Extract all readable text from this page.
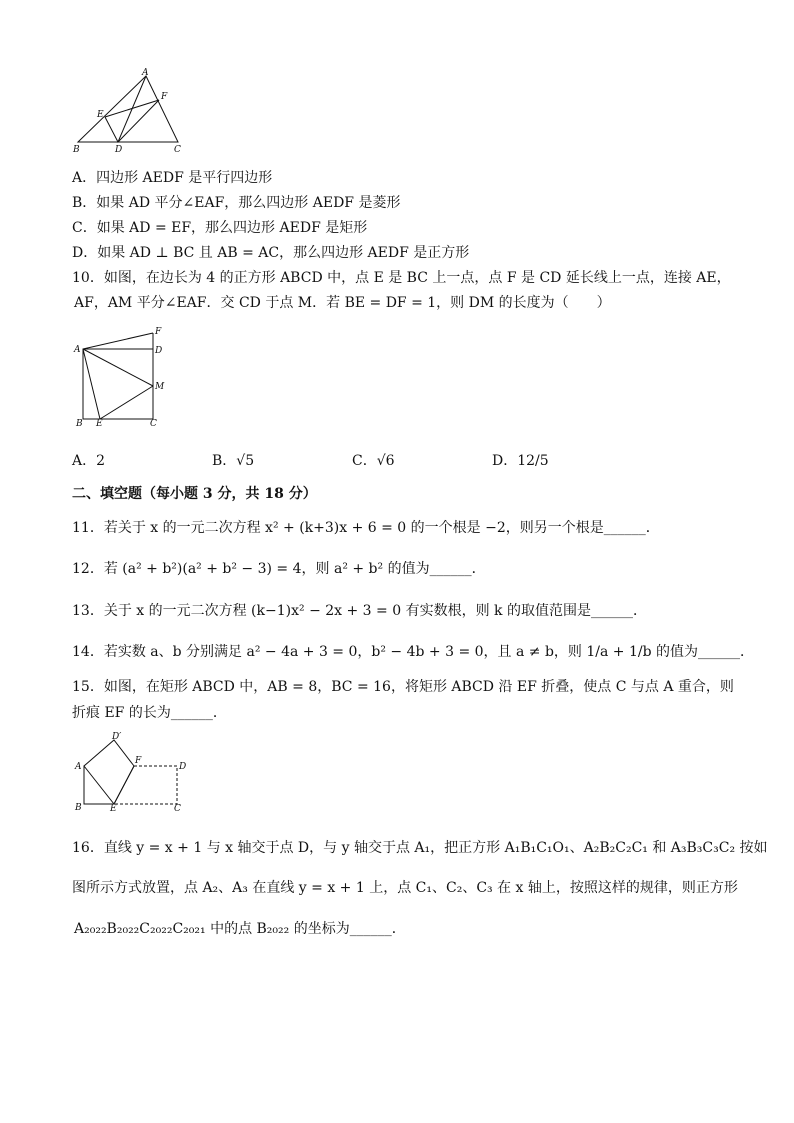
A
E
F
B	D	C
A．四边形 AEDF 是平行四边形
B．如果 AD 平分∠EAF，那么四边形 AEDF 是菱形
C．如果 AD = EF，那么四边形 AEDF 是矩形
D．如果 AD ⊥ BC 且 AB = AC，那么四边形 AEDF 是正方形
10．如图，在边长为 4 的正方形 ABCD 中，点 E 是 BC 上一点，点 F 是 CD 延长线上一点，连接 AE，
AF，AM 平分∠EAF．交 CD 于点 M．若 BE = DF = 1，则 DM 的长度为（　　）
F
A	D
M
B E	C
A．2	B．√5	C．√6	D．12/5
二、填空题（每小题 3 分，共 18 分）
11．若关于 x 的一元二次方程 x² + (k+3)x + 6 = 0 的一个根是 −2，则另一个根是______．
12．若 (a² + b²)(a² + b² − 3) = 4，则 a² + b² 的值为______．
13．关于 x 的一元二次方程 (k−1)x² − 2x + 3 = 0 有实数根，则 k 的取值范围是______．
14．若实数 a、b 分别满足 a² − 4a + 3 = 0，b² − 4b + 3 = 0，且 a ≠ b，则 1/a + 1/b 的值为______．
15．如图，在矩形 ABCD 中，AB = 8，BC = 16，将矩形 ABCD 沿 EF 折叠，使点 C 与点 A 重合，则
折痕 EF 的长为______．
D′
A
F
D
B	E	C
16．直线 y = x + 1 与 x 轴交于点 D，与 y 轴交于点 A₁，把正方形 A₁B₁C₁O₁、A₂B₂C₂C₁ 和 A₃B₃C₃C₂ 按如
图所示方式放置，点 A₂、A₃ 在直线 y = x + 1 上，点 C₁、C₂、C₃ 在 x 轴上，按照这样的规律，则正方形
A₂₀₂₂B₂₀₂₂C₂₀₂₂C₂₀₂₁ 中的点 B₂₀₂₂ 的坐标为______．
